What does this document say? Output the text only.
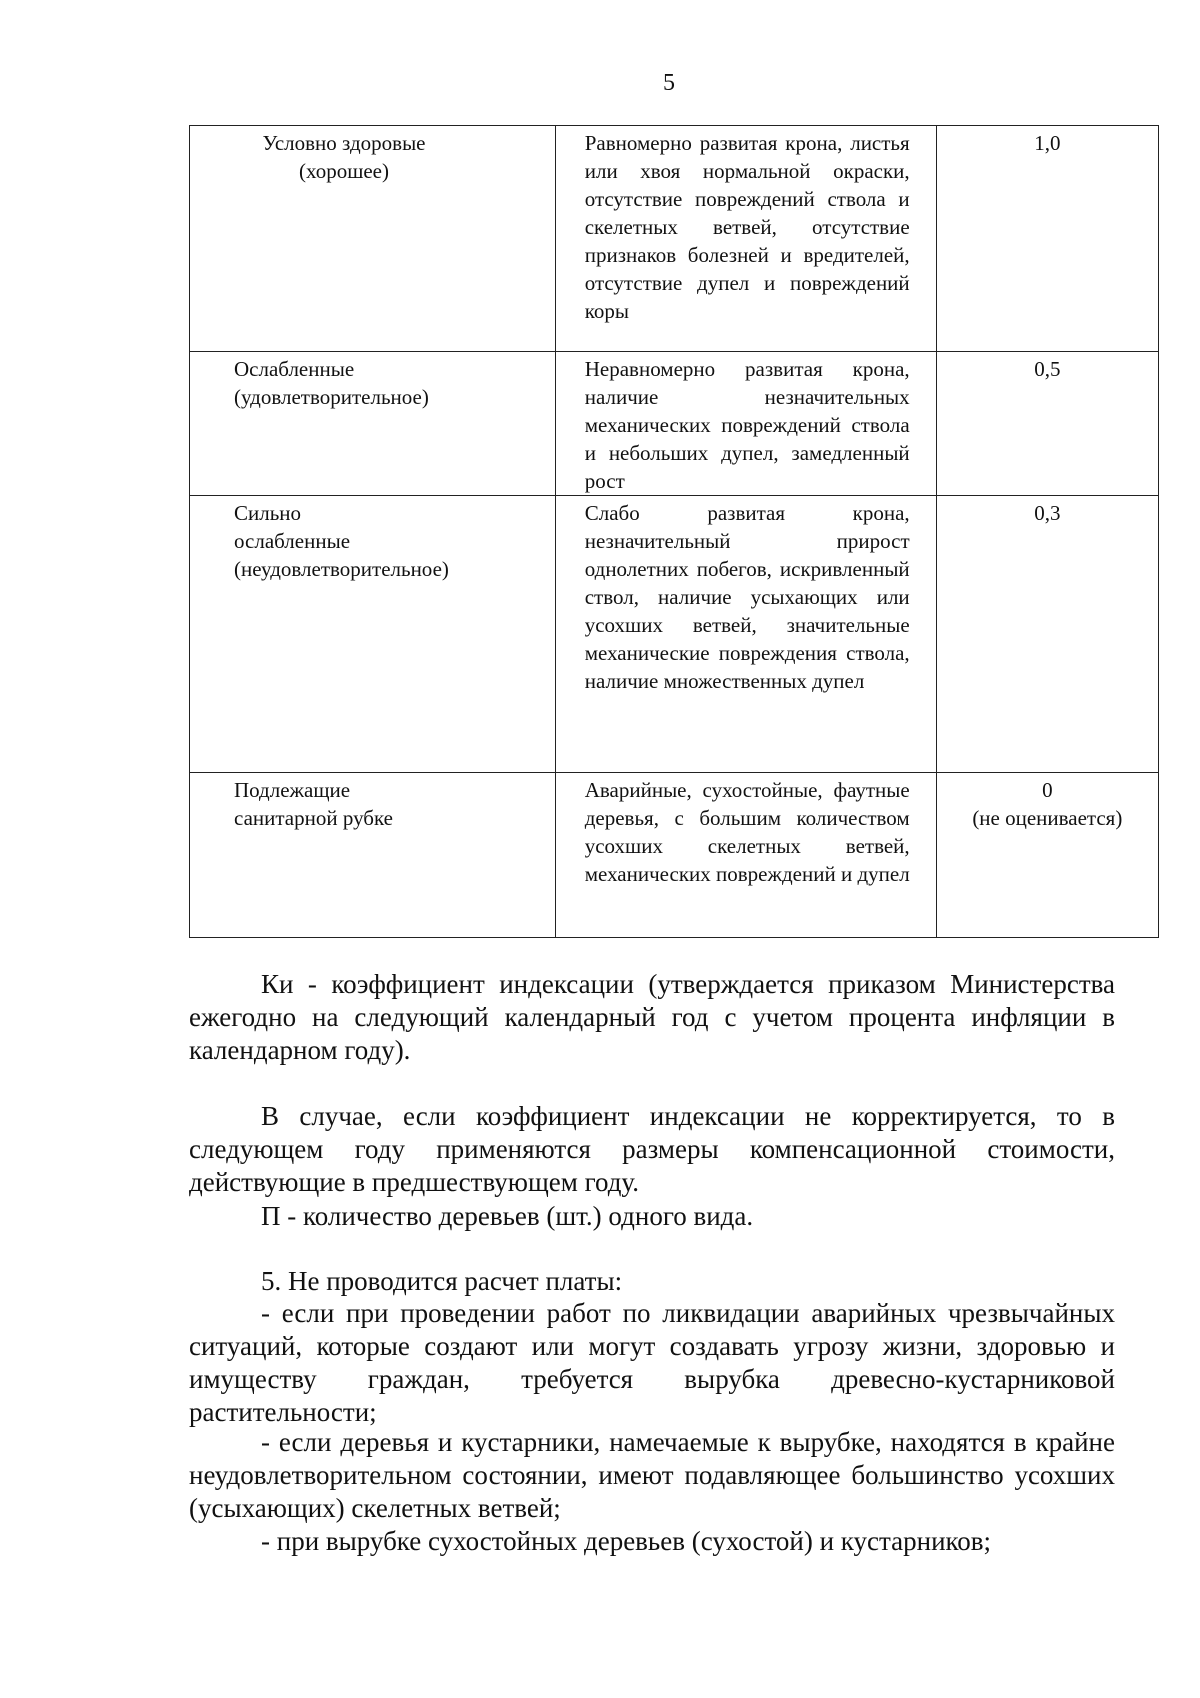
5
Условно здоровые
(хорошее)	Равномерно развитая крона, листья или хвоя нормальной окраски, отсутствие повреждений ствола и скелетных ветвей, отсутствие признаков болезней и вредителей, отсутствие дупел и повреждений коры	1,0

Ослабленные
(удовлетворительное)	Неравномерно развитая крона, наличие незначительных механических повреждений ствола и небольших дупел, замедленный рост	0,5

Сильно
ослабленные
(неудовлетворительное)	Слабо развитая крона, незначительный прирост однолетних побегов, искривленный ствол, наличие усыхающих или усохших ветвей, значительные механические повреждения ствола, наличие множественных дупел	0,3

Подлежащие
санитарной рубке	Аварийные, сухостойные, фаутные деревья, с большим количеством усохших скелетных ветвей, механических повреждений и дупел	0
(не оценивается)
Ки - коэффициент индексации (утверждается приказом Министерства ежегодно на следующий календарный год с учетом процента инфляции в календарном году).
В случае, если коэффициент индексации не корректируется, то в следующем году применяются размеры компенсационной стоимости, действующие в предшествующем году.
П - количество деревьев (шт.) одного вида.
5. Не проводится расчет платы:
- если при проведении работ по ликвидации аварийных чрезвычайных ситуаций, которые создают или могут создавать угрозу жизни, здоровью и имуществу граждан, требуется вырубка древесно-кустарниковой растительности;
- если деревья и кустарники, намечаемые к вырубке, находятся в крайне неудовлетворительном состоянии, имеют подавляющее большинство усохших (усыхающих) скелетных ветвей;
- при вырубке сухостойных деревьев (сухостой) и кустарников;
